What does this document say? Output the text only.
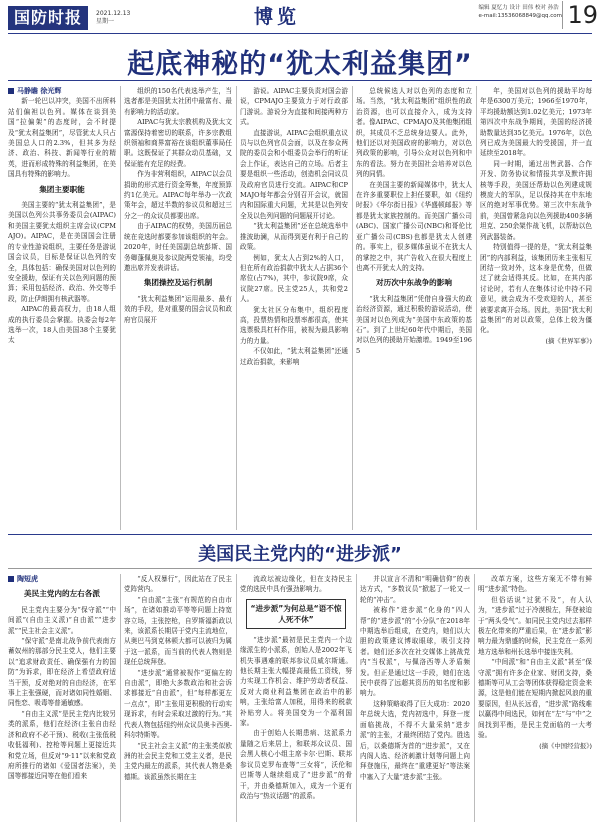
国防时报	2021.12.13
星期一	博览	编辑 夏忆力 设计 田伟 校对 孙浩
e-mail:13536068849@qq.com 19
起底神秘的“犹太利益集团”

马静瞻 徐光辉

新一轮巴以冲突，美国不出所料站们偏袒以色列。媒体在谈到美国“拉偏架”的态度时，会不时提及“犹太利益集团”，尽管犹太人只占美国总人口的2.3%，但其多为经济、政治、科技、新闻等行业的精英，进而形成特殊的利益集团，在美国具有特殊的影响力。

集团主要职能

美国主要的“犹太利益集团”，是美国以色列公共事务委员会(AIPAC)和美国主要犹太组织主席会议(CPMAJO)。AIPAC，是在美国国会注册的专业性游说组织，主要任务是游说国会议员，目标是保证以色列的安全，具体包括：确保美国对以色列的安全援助，保证有关以色列问题的预算；采用包括经济、政治、外交等手段，防止伊朗拥有核武器等。

AIPAC的最高权力，由18人组成的执行委员会掌握。执委会每2年选举一次，18人由美国38个主要犹太

组织的150名代表选举产生，当选者都是美国犹太社团中最富有、最有影响力的活动家。

AIPAC与犹太宗教机构及犹太文富源保持着密切的联系，许多宗教组织领袖和商界富裕在该组织董事局任职。这既保证了其群众动员基础，又保证能有充足的经费。

作为非营利组织，AIPAC以会员捐助的形式进行资金筹集，年度预算约1亿美元。AIPAC每年举办一次政策年会，超过半数的参议员和超过三分之一的众议员都要出席。

由于AIPAC的权势，美国历届总统在竞选时都要参加该组织的年会。2020年，时任美国副总统彭斯、国务卿蓬佩奥及参议院两党领袖，均受邀出席并发表讲话。

集团操控及运行机制

“犹太利益集团”运用最多、最有效的手段，是对重要的国会议员和政府官员展开

游说。AIPAC主要负责对国会游说，CPMAJO主要致力于对行政部门游说。游说分为直接和间接两种方式。

直接游说，AIPAC会组织重点议员与以色列官员会面，以及在参众两院的委员会和小组委员会举行的听证会上作证，表达自己的立场。后者主要是组织一些活动，创造机会同议员及政府官员进行交流。AIPAC和CPMAJO每年都会分别召开会议，就国内和国际重大问题，尤其是以色列安全及以色列问题的问题展开讨论。

“犹太利益集团”还在总统选举中推波助澜，从而得到更有利于自己的政策。

例如，犹太人占到2%的人口，但在所有政治捐款中犹太人占据36个席位(占7%)，其中，参议院9席，众议院27席。民主党25人，共和党2人。

犹太社区分布集中，组织程度高，投票热情和投票率都很高，使其选票极具杠杆作用，被视为最具影响力的力量。

不仅如此，“犹太利益集团”还通过政治捐款，来影响

总统候选人对以色列的态度和立场。当然，“犹太利益集团”组织性的政治资源，也可以直接介入，成为支持者。像AIPAC、CPMAJO及其他集团组织，其成员不乏总统身边要人。此外，他们还以对美国政府的影响力，对以色列政策的影响，引导公众对以色列和中东的看法。努力在美国社会培养对以色列的同情。

在美国主要的新闻媒体中，犹太人在许多重要职位上担任要职，如《纽约时报》《华尔街日报》《华盛顿邮报》等都是犹太家族控制的。而美国广播公司(ABC)、国家广播公司(NBC)和哥伦比亚广播公司(CBS)也都是犹太人创建的。事实上，很多媒体虽说不在犹太人的掌控之中，其广告收入在很大程度上也离不开犹太人的支持。

对历次中东战争的影响

“犹太利益集团”凭借自身强大的政治经济资源，通过积极的游说活动，使美国对以色列成为“美国中东政策的基石”。到了上世纪60年代中期后，美国对以色列的援助开始激增。1949至1965

年，美国对以色列的援助平均每年是6300万美元；1966至1970年，平均援助额达到1.02亿美元；1973年第四次中东战争期间，美国的经济援助数量达到35亿美元。1976年，以色列已成为美国最大的受援国，并一直延续至2018年。

同一时期，通过出售武器、合作开发、防务协议和情报共享及默许拥核等手段，美国还帮助以色列建成规模庞大的军队，足以保持其在中东地区的绝对军事优势。第三次中东战争前，美国曾紧急向以色列援助400多辆坦克、250余架作战飞机，以帮助以色列武器装备。

特别值得一提的是，“犹太利益集团”的内部利益，该集团历来主张相互团结一致对外，这本身是优势，但做过了就会适得其反。比如，在其内部讨论时，若有人在集体讨论中持不同意见，就会成为不受欢迎的人，甚至被要求离开会场。因此，美国“犹太利益集团”的对以政策，总体上较为僵化。

(摘《世界军事》)

美国民主党内的“进步派”

陶短虎

美民主党内的左右各派

民主党内主要分为“保守派”“中间派”(自由主义派)“自由派”“进步派”“民主社会主义派”。

“保守派”是南北战争前代表南方蓄奴州的那部分民主党人，他们主要以“追求财政责任、确保强有力的国防”为诉求，即在经济上希望政府适当干预，反对绝对的自由经济，在军事上主张强硬，而对诸如同性婚姻、同性恋、吸毒等普通敏感。

“自由主义派”是民主党内比较另类的派系，他们在经济(主张自由经济和政府不必干预)、税收(主张低税收低福利)、控枪等问题上更接近共和党立场，但反对“9·11”以来和党政府所推行的诸如《爱国者法案》，美国等都接近同等在他们看来

“反人权暴行”，因此站在了民主党阵营内。

“自由派”主张“有规范的自由市场”，在诸如推动平等等问题上持宽容立场，主张控枪，自罗斯福新政以来，该派系长期居于党内主流地位，从奥巴马到克林顿大都可以被归为属于这一派系，而当前的代表人物则是现任总统拜登。

“进步派”通常被视作“更偏左的自由派”，即绝大多数政治和社会诉求都接近“自由派”，但“每样都更左一点点”，即“主张用更积极的行动实现诉求，有时会采取过激的行为。”其代表人物包括纽约州众议员奥卡西奥-科尔特斯等。

“民主社会主义派”的主张类似欧洲的社会民主党和工党主义者，是民主党内最左的派系，其代表人物是桑德斯。该派虽然长期在主

流政坛被边缘化，但在支持民主党的选民中具有强劲影响力。

“进步派”为何总是“语不惊人死不休”

“进步派”最初是民主党内一个边缘派生的小派系，创始人是2002年飞机失事遇难的联邦参议员威尔斯通。他长期主张大幅提高最低工资线，努力实现工作机会、维护劳动者权益、反对大商业利益集团在政治中的影响，主张给富人加税，用得来的税款补贴穷人。将美国变为一个福利国家。

由于创始人长期患病、这派系力量随之后来居上，和联邦众议员、国会黑人核心小组主席卡尔·巴斯、联邦参议员克罗布查等“三女将”，沃伦和巴斯等人继续组成了“进步派”的骨干，并由桑德斯加入，成为一个更有政治与“热议话题”的派系。

并以宣言不清和“明确信仰”的表达方式，“多数议员”掀起了一轮又一轮的“冲击”。

被称作“进步派”化身的“四人帮”的“进步派”的“小分队”在2018年中期选举后组成，在党内，她们以大胆的政策建议博取眼球，吸引支持者。她们还多次在社交媒体上挑战党内“当权派”，与佩洛西等人矛盾频发。但正是通过这一手段，她们在选民中获得了远超其资历的知名度和影响力。

这种策略取得了巨大成功：2020年总统大选，党内初选中，拜登一度面临挑战，不得不大量采纳“进步派”的主张，才最终团结了党内。胜选后，以桑德斯为首的“进步派”，又在内阁人选、经济刺激计划等问题上向拜登施压，最终在“重建更好”等法案中塞入了大量“进步派”主张。

改革方案，这些方案无不带有鲜明“进步派”特色。

但俗话说“过犹不及”，有人认为，“进步派”过于冷漠极左，拜登被迫于“两头受气”。如同民主党内过去那样极左化带来的严重后果，在“进步派”影响力最为鼎盛的时候，民主党在一系列地方选举和州长选举中接连失利。

“中间派”和“自由主义派”甚至“保守派”拥有许多企业家、财团支持，桑德斯等可从工会等团体获得稳定资金来源，这是他们能在短期内掀起风浪的重要原因，但从长远看，“进步派”路线难以赢得中间选民，如何在“左”与“中”之间找到平衡，是民主党面临的一大考验。

(摘《中国经营报》)
